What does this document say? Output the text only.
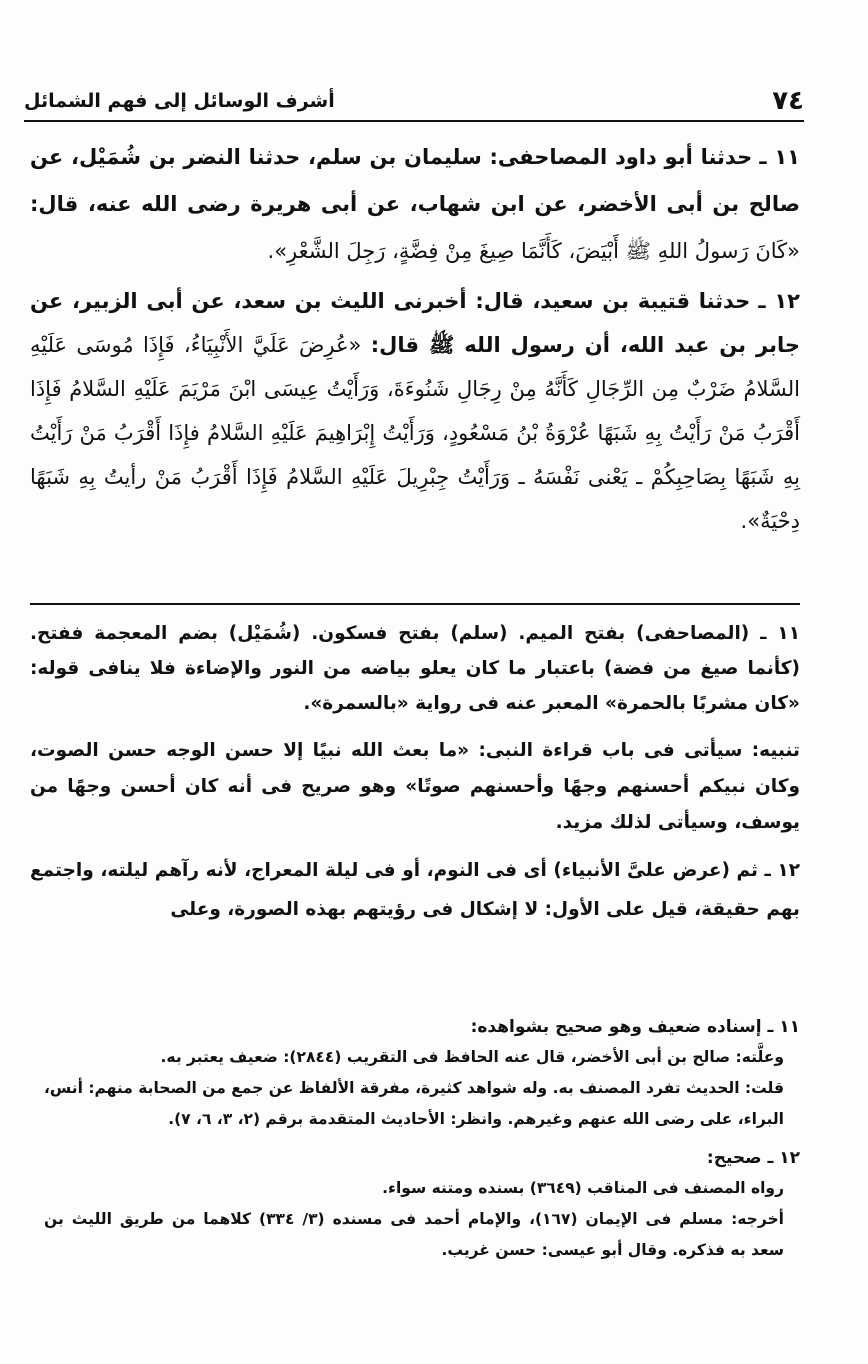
٧٤
أشرف الوسائل إلى فهم الشمائل

١١ ـ حدثنا أبو داود المصاحفى: سليمان بن سلم، حدثنا النضر بن شُمَيْل، عن صالح بن أبى الأخضر، عن ابن شهاب، عن أبى هريرة رضى الله عنه، قال: «كَانَ رَسولُ اللهِ ﷺ أَبْيَضَ، كَأَنَّمَا صِيغَ مِنْ فِضَّةٍ، رَجِلَ الشَّعْرِ».

١٢ ـ حدثنا قتيبة بن سعيد، قال: أخبرنى الليث بن سعد، عن أبى الزبير، عن جابر بن عبد الله، أن رسول الله ﷺ قال: «عُرِضَ عَلَيَّ الأَنْبِيَاءُ، فَإِذَا مُوسَى عَلَيْهِ السَّلامُ ضَرْبٌ مِن الرِّجَالِ كَأَنَّهُ مِنْ رِجَالِ شَنُوءَةَ، وَرَأَيْتُ عِيسَى ابْنَ مَرْيَمَ عَلَيْهِ السَّلامُ فَإِذَا أَقْرَبُ مَنْ رَأَيْتُ بِهِ شَبَهًا عُرْوَةُ بْنُ مَسْعُودٍ، وَرَأَيْتُ إِبْرَاهِيمَ عَلَيْهِ السَّلامُ فإِذَا أَقْرَبُ مَنْ رَأَيْتُ بِهِ شَبَهًا بِصَاحِبِكُمْ ـ يَعْنى نَفْسَهُ ـ وَرَأَيْتُ جِبْرِيلَ عَلَيْهِ السَّلامُ فَإِذَا أَقْرَبُ مَنْ رأيتُ بِهِ شَبَهًا دِحْيَةٌ».

١١ ـ (المصاحفى) بفتح الميم. (سلم) بفتح فسكون. (شُمَيْل) بضم المعجمة ففتح. (كأنما صيغ من فضة) باعتبار ما كان يعلو بياضه من النور والإضاءة فلا ينافى قوله: «كان مشربًا بالحمرة» المعبر عنه فى رواية «بالسمرة».

تنبيه: سيأتى فى باب قراءة النبى: «ما بعث الله نبيًا إلا حسن الوجه حسن الصوت، وكان نبيكم أحسنهم وجهًا وأحسنهم صوتًا» وهو صريح فى أنه كان أحسن وجهًا من يوسف، وسيأتى لذلك مزيد.

١٢ ـ ثم (عرض علىَّ الأنبياء) أى فى النوم، أو فى ليلة المعراج، لأنه رآهم ليلته، واجتمع بهم حقيقة، قيل على الأول: لا إشكال فى رؤيتهم بهذه الصورة، وعلى

١١ ـ إسناده ضعيف وهو صحيح بشواهده:

وعلَّته: صالح بن أبى الأخضر، قال عنه الحافظ فى التقريب (٢٨٤٤): ضعيف يعتبر به.

قلت: الحديث تفرد المصنف به. وله شواهد كثيرة، مفرقة الألفاظ عن جمع من الصحابة منهم: أنس، البراء، على رضى الله عنهم وغيرهم. وانظر: الأحاديث المتقدمة برقم (٢، ٣، ٦، ٧).

١٢ ـ صحيح:

رواه المصنف فى المناقب (٣٦٤٩) بسنده ومتنه سواء.

أخرجه: مسلم فى الإيمان (١٦٧)، والإمام أحمد فى مسنده (٣/ ٣٣٤) كلاهما من طريق الليث بن سعد به فذكره. وقال أبو عيسى: حسن غريب.
